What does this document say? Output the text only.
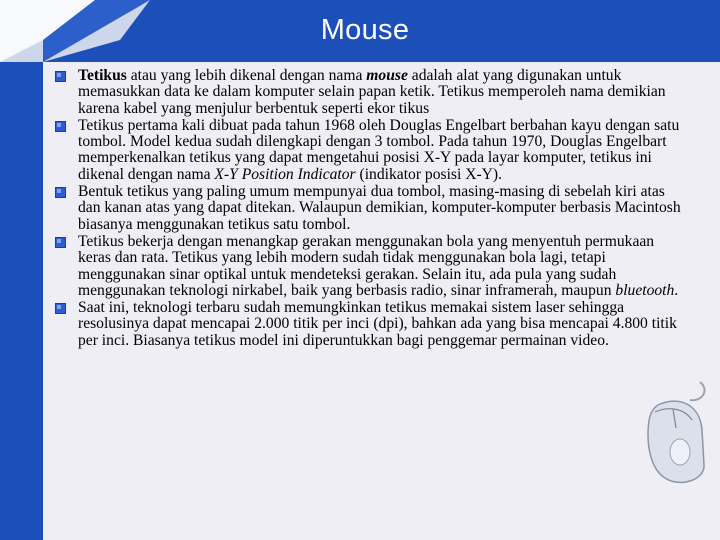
Mouse
Tetikus atau yang lebih dikenal dengan nama mouse adalah alat yang digunakan untuk memasukkan data ke dalam komputer selain papan ketik. Tetikus memperoleh nama demikian karena kabel yang menjulur berbentuk seperti ekor tikus
Tetikus pertama kali dibuat pada tahun 1968 oleh Douglas Engelbart berbahan kayu dengan satu tombol. Model kedua sudah dilengkapi dengan 3 tombol. Pada tahun 1970, Douglas Engelbart memperkenalkan tetikus yang dapat mengetahui posisi X-Y pada layar komputer, tetikus ini dikenal dengan nama X-Y Position Indicator (indikator posisi X-Y).
Bentuk tetikus yang paling umum mempunyai dua tombol, masing-masing di sebelah kiri atas dan kanan atas yang dapat ditekan. Walaupun demikian, komputer-komputer berbasis Macintosh biasanya menggunakan tetikus satu tombol.
Tetikus bekerja dengan menangkap gerakan menggunakan bola yang menyentuh permukaan keras dan rata. Tetikus yang lebih modern sudah tidak menggunakan bola lagi, tetapi menggunakan sinar optikal untuk mendeteksi gerakan. Selain itu, ada pula yang sudah menggunakan teknologi nirkabel, baik yang berbasis radio, sinar inframerah, maupun bluetooth.
Saat ini, teknologi terbaru sudah memungkinkan tetikus memakai sistem laser sehingga resolusinya dapat mencapai 2.000 titik per inci (dpi), bahkan ada yang bisa mencapai 4.800 titik per inci. Biasanya tetikus model ini diperuntukkan bagi penggemar permainan video.
